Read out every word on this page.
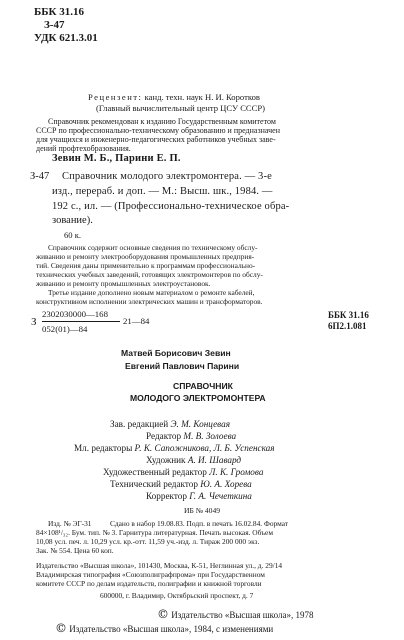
ББК 31.16
З-47
УДК 621.3.01
Рецензент: канд. техн. наук Н. И. Коротков
(Главный вычислительный центр ЦСУ СССР)
Справочник рекомендован к изданию Государственным комитетом
СССР по профессионально-техническому образованию и предназначен
для учащихся и инженерно-педагогических работников учебных заве-
дений профтехобразования.
Зевин М. Б., Парини Е. П.
З-47 Справочник молодого электромонтера. — 3-е
изд., перераб. и доп. — М.: Высш. шк., 1984. —
192 с., ил. — (Профессионально-техническое обра-
зование).
60 к.
Справочник содержит основные сведения по техническому обслу-
живанию и ремонту электрооборудования промышленных предприя-
тий. Сведения даны применительно к программам профессионально-
технических учебных заведений, готовящих электромонтеров по обслу-
живанию и ремонту промышленных электроустановок.
Третье издание дополнено новым материалом о ремонте кабелей,
конструктивном исполнении электрических машин и трансформаторов.
З
2302030000—168
052(01)—84
21—84
ББК 31.16
6П2.1.081
Матвей Борисович Зевин
Евгений Павлович Парини
СПРАВОЧНИК
МОЛОДОГО ЭЛЕКТРОМОНТЕРА
Зав. редакцией Э. М. Концевая
Редактор М. В. Золоева
Мл. редакторы Р. К. Сапожникова, Л. Б. Успенская
Художник А. И. Шавард
Художественный редактор Л. К. Громова
Технический редактор Ю. А. Хорева
Корректор Г. А. Чечеткина
ИБ № 4049
Изд. № ЭГ-31          Сдано в набор 19.08.83. Подп. в печать 16.02.84. Формат
84×108¹/₃₂. Бум. тип. № 3. Гарнитура литературная. Печать высокая. Объем
10,08 усл. печ. л. 10,29 усл. кр.-отт. 11,59 уч.-изд. л. Тираж 200 000 экз.
Зак. № 554. Цена 60 коп.
Издательство «Высшая школа», 101430, Москва, К-51, Неглинная ул., д. 29/14
Владимирская типография «Союзполиграфпрома» при Государственном
комитете СССР по делам издательств, полиграфии и книжной торговли
600000, г. Владимир, Октябрьский проспект, д. 7
© Издательство «Высшая школа», 1978
© Издательство «Высшая школа», 1984, с изменениями
